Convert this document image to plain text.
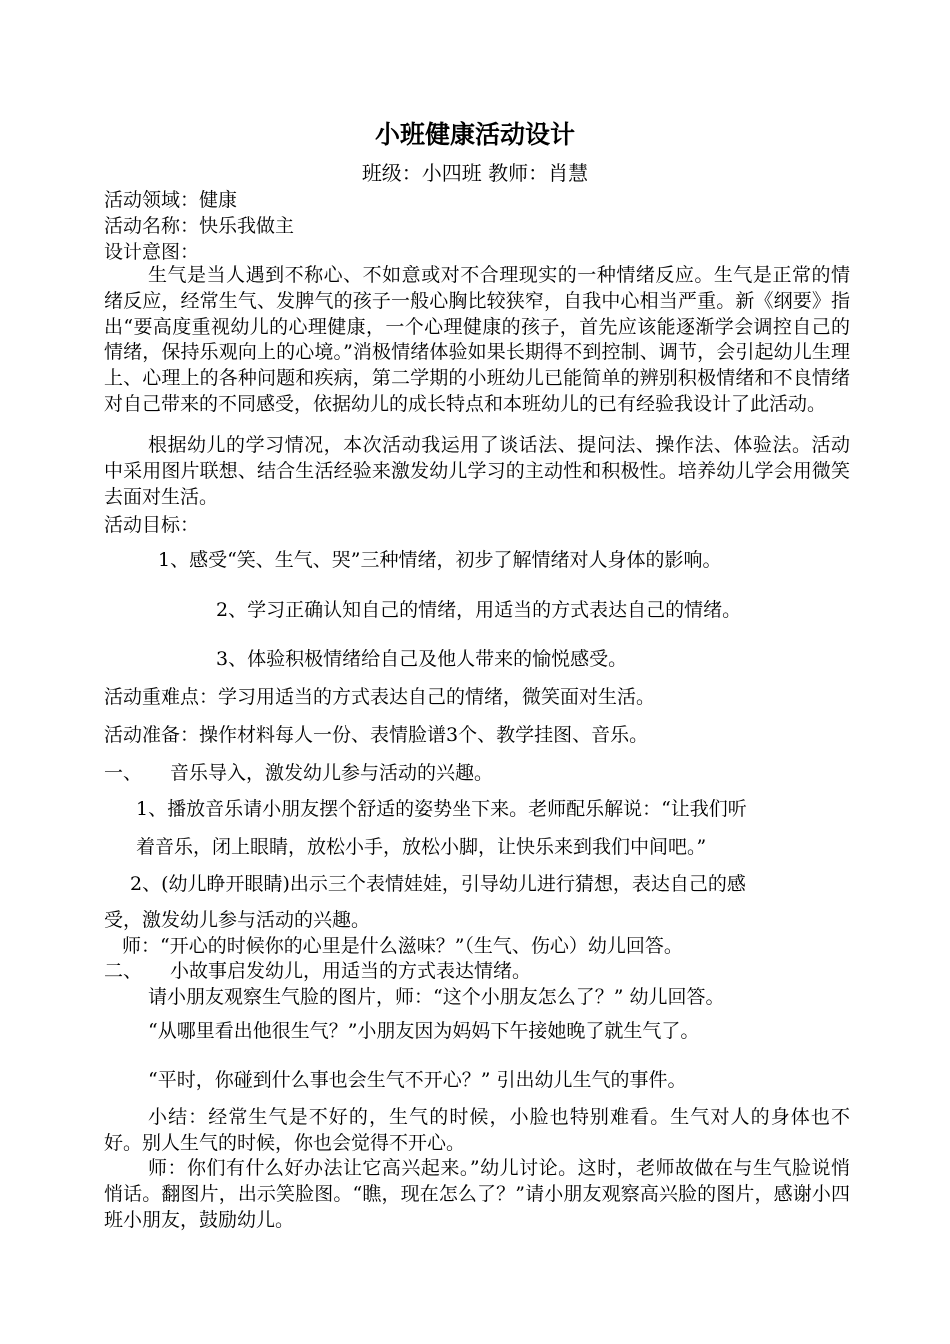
小班健康活动设计
班级：小四班 教师：肖慧
活动领域：健康
活动名称：快乐我做主
设计意图：

生气是当人遇到不称心、不如意或对不合理现实的一种情绪反应。生气是正常的情绪反应，经常生气、发脾气的孩子一般心胸比较狭窄，自我中心相当严重。新《纲要》指出“要高度重视幼儿的心理健康，一个心理健康的孩子，首先应该能逐渐学会调控自己的情绪，保持乐观向上的心境。”消极情绪体验如果长期得不到控制、调节，会引起幼儿生理上、心理上的各种问题和疾病，第二学期的小班幼儿已能简单的辨别积极情绪和不良情绪对自己带来的不同感受，依据幼儿的成长特点和本班幼儿的已有经验我设计了此活动。

根据幼儿的学习情况，本次活动我运用了谈话法、提问法、操作法、体验法。活动中采用图片联想、结合生活经验来激发幼儿学习的主动性和积极性。培养幼儿学会用微笑去面对生活。

活动目标：
1、感受“笑、生气、哭”三种情绪，初步了解情绪对人身体的影响。
2、学习正确认知自己的情绪，用适当的方式表达自己的情绪。
3、体验积极情绪给自己及他人带来的愉悦感受。
活动重难点：学习用适当的方式表达自己的情绪，微笑面对生活。
活动准备：操作材料每人一份、表情脸谱3个、教学挂图、音乐。
一、 音乐导入，激发幼儿参与活动的兴趣。
1、播放音乐请小朋友摆个舒适的姿势坐下来。老师配乐解说：“让我们听
着音乐，闭上眼睛，放松小手，放松小脚，让快乐来到我们中间吧。”
2、(幼儿睁开眼睛)出示三个表情娃娃，引导幼儿进行猜想，表达自己的感
受，激发幼儿参与活动的兴趣。
师：“开心的时候你的心里是什么滋味？”（生气、伤心）幼儿回答。
二、 小故事启发幼儿，用适当的方式表达情绪。
请小朋友观察生气脸的图片，师：“这个小朋友怎么了？” 幼儿回答。
“从哪里看出他很生气？”小朋友因为妈妈下午接她晚了就生气了。
“平时，你碰到什么事也会生气不开心？” 引出幼儿生气的事件。

小结：经常生气是不好的，生气的时候，小脸也特别难看。生气对人的身体也不好。别人生气的时候，你也会觉得不开心。

师：你们有什么好办法让它高兴起来。”幼儿讨论。这时，老师故做在与生气脸说悄悄话。翻图片，出示笑脸图。“瞧，现在怎么了？”请小朋友观察高兴脸的图片，感谢小四班小朋友，鼓励幼儿。
